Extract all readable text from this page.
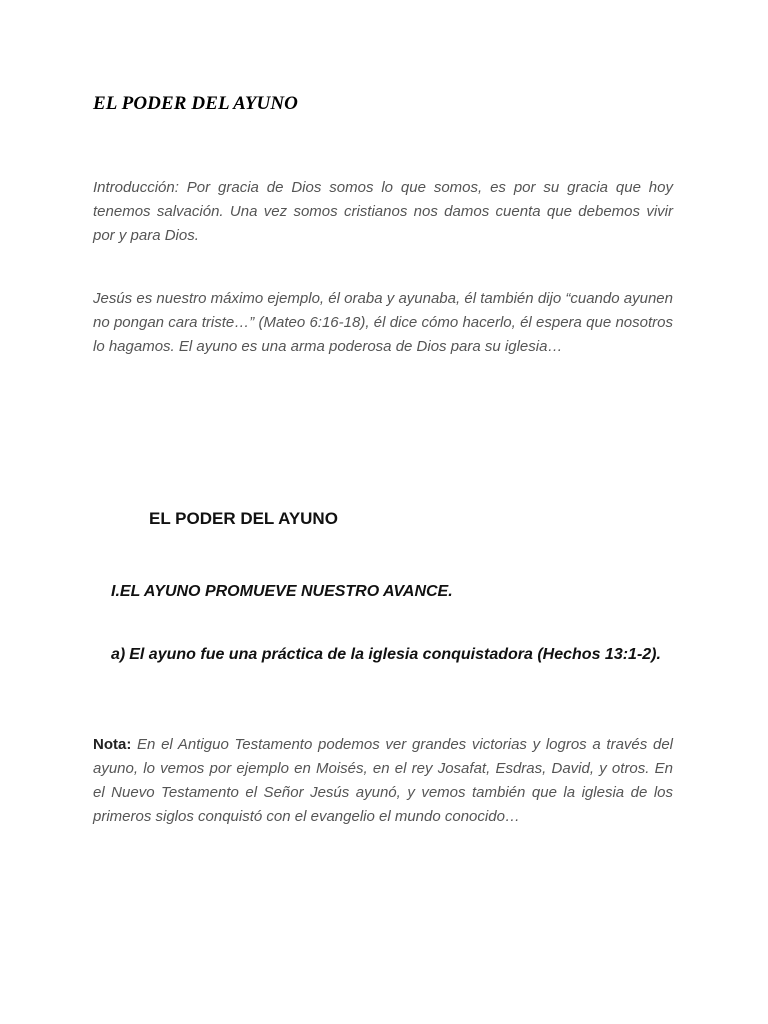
EL PODER DEL AYUNO

Introducción: Por gracia de Dios somos lo que somos, es por su gracia que hoy tenemos salvación. Una vez somos cristianos nos damos cuenta que debemos vivir por y para Dios.

Jesús es nuestro máximo ejemplo, él oraba y ayunaba, él también dijo “cuando ayunen no pongan cara triste…” (Mateo 6:16-18), él dice cómo hacerlo, él espera que nosotros lo hagamos. El ayuno es una arma poderosa de Dios para su iglesia…

EL PODER DEL AYUNO

I.EL AYUNO PROMUEVE NUESTRO AVANCE.

a) El ayuno fue una práctica de la iglesia conquistadora (Hechos 13:1-2).

Nota: En el Antiguo Testamento podemos ver grandes victorias y logros a través del ayuno, lo vemos por ejemplo en Moisés, en el rey Josafat, Esdras, David, y otros. En el Nuevo Testamento el Señor Jesús ayunó, y vemos también que la iglesia de los primeros siglos conquistó con el evangelio el mundo conocido…
